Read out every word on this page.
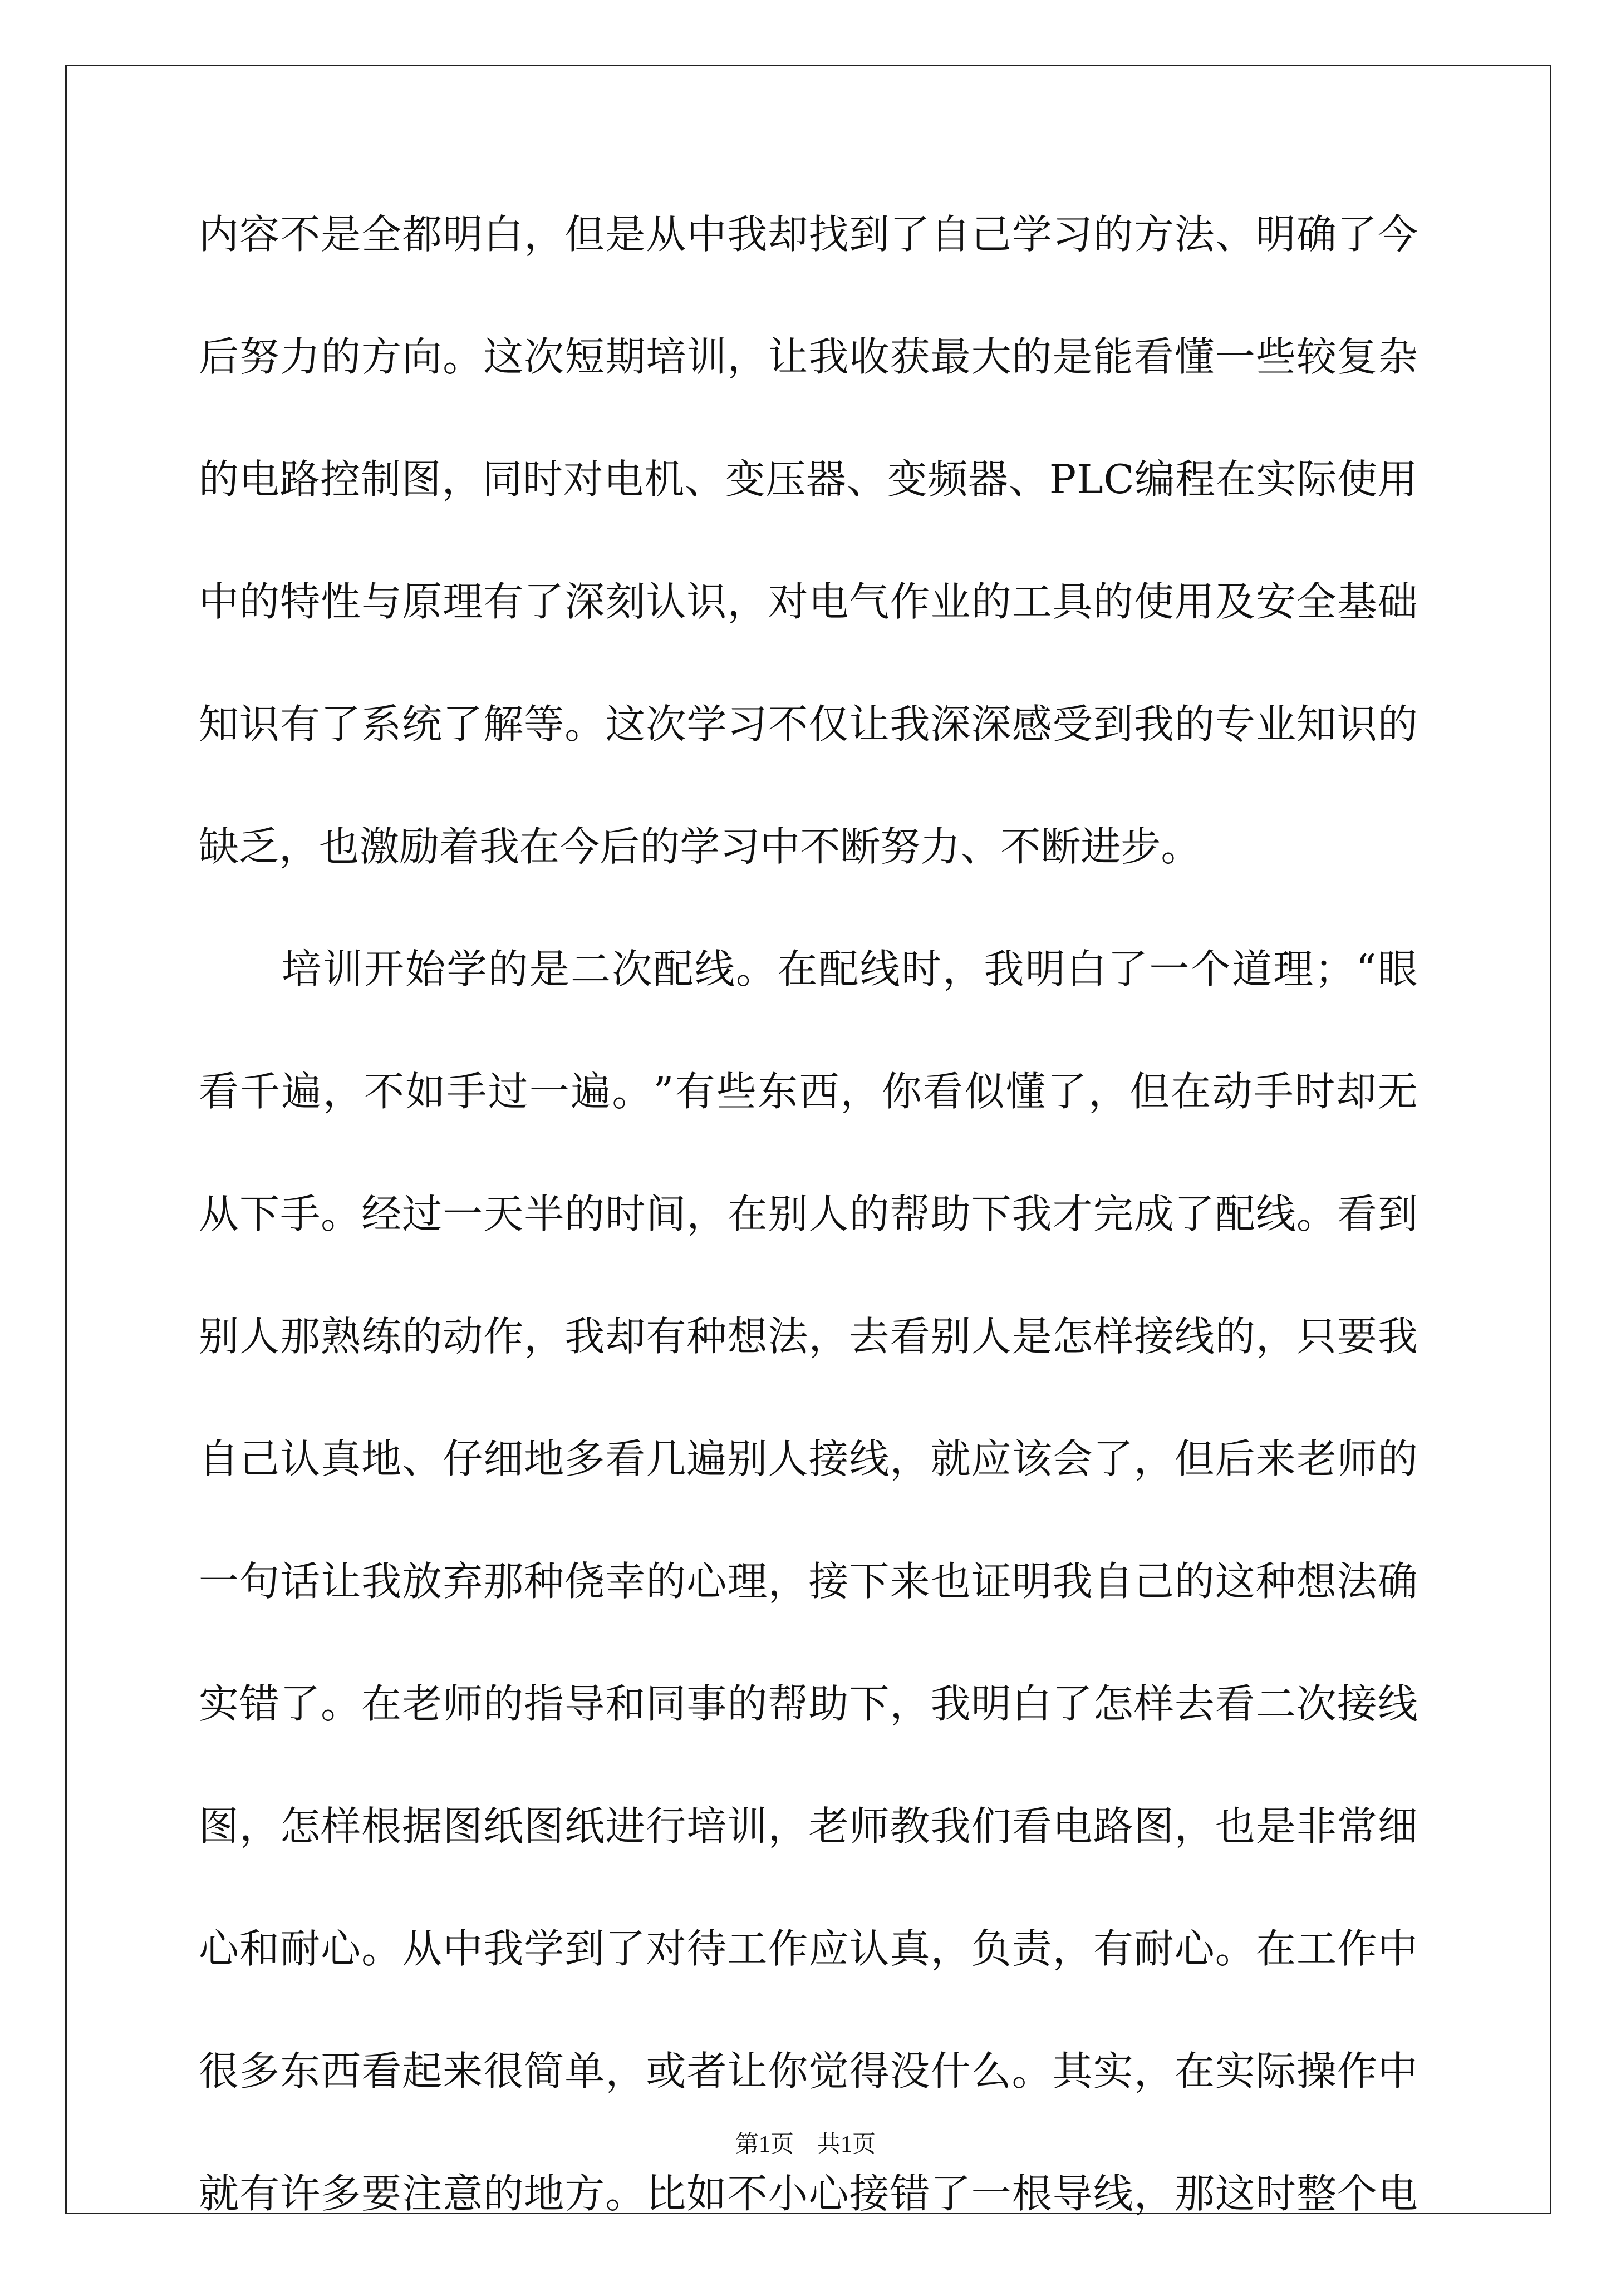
内 容 不 是 全 都 明 白 ， 但 是 从 中 我 却 找 到 了 自 己 学 习 的 方 法 、 明 确 了 今
后 努 力 的 方 向 。 这 次 短 期 培 训 ， 让 我 收 获 最 大 的 是 能 看 懂 一 些 较 复 杂
的 电 路 控 制 图 ， 同 时 对 电 机 、 变 压 器 、 变 频 器 、 P L C 编 程 在 实 际 使 用
中 的 特 性 与 原 理 有 了 深 刻 认 识 ， 对 电 气 作 业 的 工 具 的 使 用 及 安 全 基 础
知 识 有 了 系 统 了 解 等 。 这 次 学 习 不 仅 让 我 深 深 感 受 到 我 的 专 业 知 识 的
缺 乏 ， 也 激 励 着 我 在 今 后 的 学 习 中 不 断 努 力 、 不 断 进 步 。

培 训 开 始 学 的 是 二 次 配 线 。 在 配 线 时 ， 我 明 白 了 一 个 道 理 ； “ 眼
看 千 遍 ， 不 如 手 过 一 遍 。 ” 有 些 东 西 ， 你 看 似 懂 了 ， 但 在 动 手 时 却 无
从 下 手 。 经 过 一 天 半 的 时 间 ， 在 别 人 的 帮 助 下 我 才 完 成 了 配 线 。 看 到
别 人 那 熟 练 的 动 作 ， 我 却 有 种 想 法 ， 去 看 别 人 是 怎 样 接 线 的 ， 只 要 我
自 己 认 真 地 、 仔 细 地 多 看 几 遍 别 人 接 线 ， 就 应 该 会 了 ， 但 后 来 老 师 的
一 句 话 让 我 放 弃 那 种 侥 幸 的 心 理 ， 接 下 来 也 证 明 我 自 己 的 这 种 想 法 确
实 错 了 。 在 老 师 的 指 导 和 同 事 的 帮 助 下 ， 我 明 白 了 怎 样 去 看 二 次 接 线
图 ， 怎 样 根 据 图 纸 图 纸 进 行 培 训 ， 老 师 教 我 们 看 电 路 图 ， 也 是 非 常 细
心 和 耐 心 。 从 中 我 学 到 了 对 待 工 作 应 认 真 ， 负 责 ， 有 耐 心 。 在 工 作 中
很 多 东 西 看 起 来 很 简 单 ， 或 者 让 你 觉 得 没 什 么 。 其 实 ， 在 实 际 操 作 中
就 有 许 多 要 注 意 的 地 方 。 比 如 不 小 心 接 错 了 一 根 导 线 ， 那 这 时 整 个 电
第1页　共1页
